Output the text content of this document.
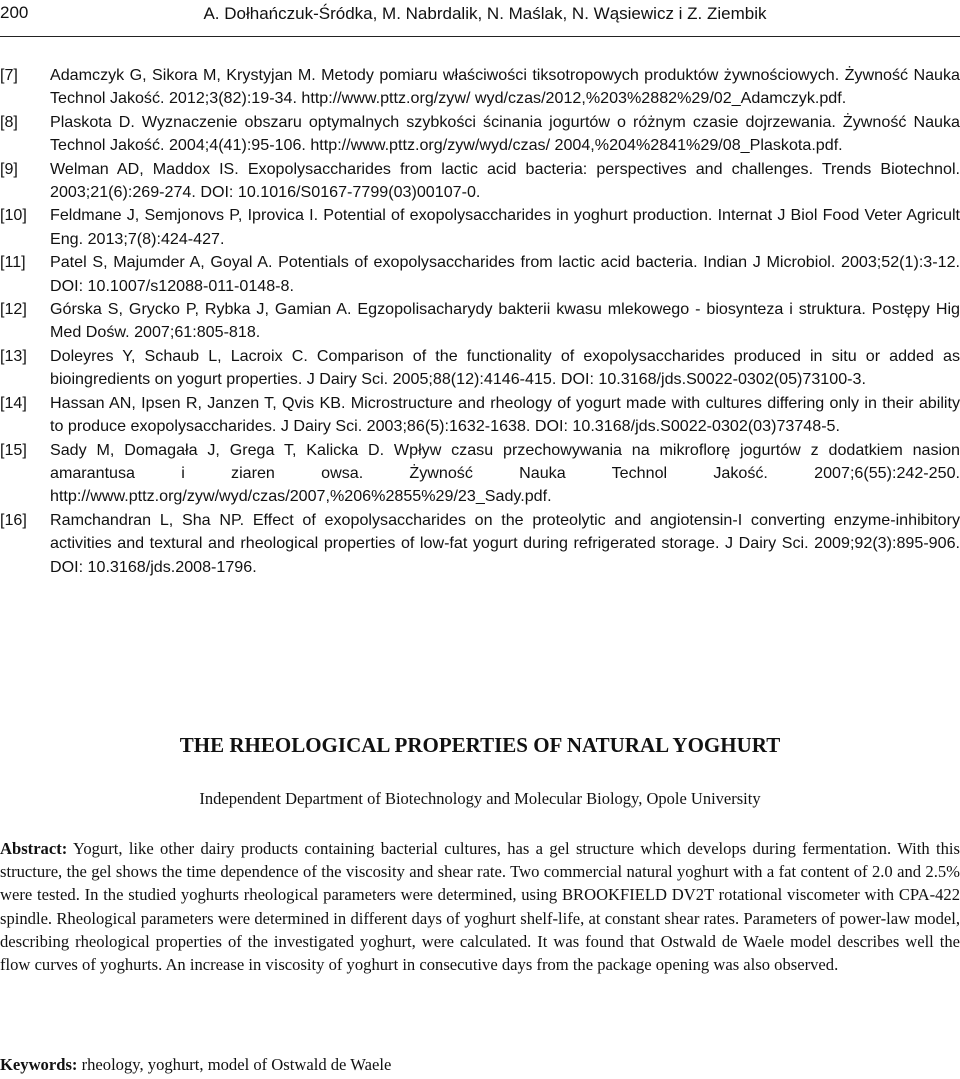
200	A. Dołhańczuk-Śródka, M. Nabrdalik, N. Maślak, N. Wąsiewicz i Z. Ziembik
[7] Adamczyk G, Sikora M, Krystyjan M. Metody pomiaru właściwości tiksotropowych produktów żywnościowych. Żywność Nauka Technol Jakość. 2012;3(82):19-34. http://www.pttz.org/zyw/ wyd/czas/2012,%203%2882%29/02_Adamczyk.pdf.
[8] Plaskota D. Wyznaczenie obszaru optymalnych szybkości ścinania jogurtów o różnym czasie dojrzewania. Żywność Nauka Technol Jakość. 2004;4(41):95-106. http://www.pttz.org/zyw/wyd/czas/ 2004,%204%2841%29/08_Plaskota.pdf.
[9] Welman AD, Maddox IS. Exopolysaccharides from lactic acid bacteria: perspectives and challenges. Trends Biotechnol. 2003;21(6):269-274. DOI: 10.1016/S0167-7799(03)00107-0.
[10] Feldmane J, Semjonovs P, Iprovica I. Potential of exopolysaccharides in yoghurt production. Internat J Biol Food Veter Agricult Eng. 2013;7(8):424-427.
[11] Patel S, Majumder A, Goyal A. Potentials of exopolysaccharides from lactic acid bacteria. Indian J Microbiol. 2003;52(1):3-12. DOI: 10.1007/s12088-011-0148-8.
[12] Górska S, Grycko P, Rybka J, Gamian A. Egzopolisacharydy bakterii kwasu mlekowego - biosynteza i struktura. Postępy Hig Med Dośw. 2007;61:805-818.
[13] Doleyres Y, Schaub L, Lacroix C. Comparison of the functionality of exopolysaccharides produced in situ or added as bioingredients on yogurt properties. J Dairy Sci. 2005;88(12):4146-415. DOI: 10.3168/jds.S0022-0302(05)73100-3.
[14] Hassan AN, Ipsen R, Janzen T, Qvis KB. Microstructure and rheology of yogurt made with cultures differing only in their ability to produce exopolysaccharides. J Dairy Sci. 2003;86(5):1632-1638. DOI: 10.3168/jds.S0022-0302(03)73748-5.
[15] Sady M, Domagała J, Grega T, Kalicka D. Wpływ czasu przechowywania na mikroflorę jogurtów z dodatkiem nasion amarantusa i ziaren owsa. Żywność Nauka Technol Jakość. 2007;6(55):242-250. http://www.pttz.org/zyw/wyd/czas/2007,%206%2855%29/23_Sady.pdf.
[16] Ramchandran L, Sha NP. Effect of exopolysaccharides on the proteolytic and angiotensin-I converting enzyme-inhibitory activities and textural and rheological properties of low-fat yogurt during refrigerated storage. J Dairy Sci. 2009;92(3):895-906. DOI: 10.3168/jds.2008-1796.
THE RHEOLOGICAL PROPERTIES OF NATURAL YOGHURT
Independent Department of Biotechnology and Molecular Biology, Opole University
Abstract: Yogurt, like other dairy products containing bacterial cultures, has a gel structure which develops during fermentation. With this structure, the gel shows the time dependence of the viscosity and shear rate. Two commercial natural yoghurt with a fat content of 2.0 and 2.5% were tested. In the studied yoghurts rheological parameters were determined, using BROOKFIELD DV2T rotational viscometer with CPA-422 spindle. Rheological parameters were determined in different days of yoghurt shelf-life, at constant shear rates. Parameters of power-law model, describing rheological properties of the investigated yoghurt, were calculated. It was found that Ostwald de Waele model describes well the flow curves of yoghurts. An increase in viscosity of yoghurt in consecutive days from the package opening was also observed.
Keywords: rheology, yoghurt, model of Ostwald de Waele
